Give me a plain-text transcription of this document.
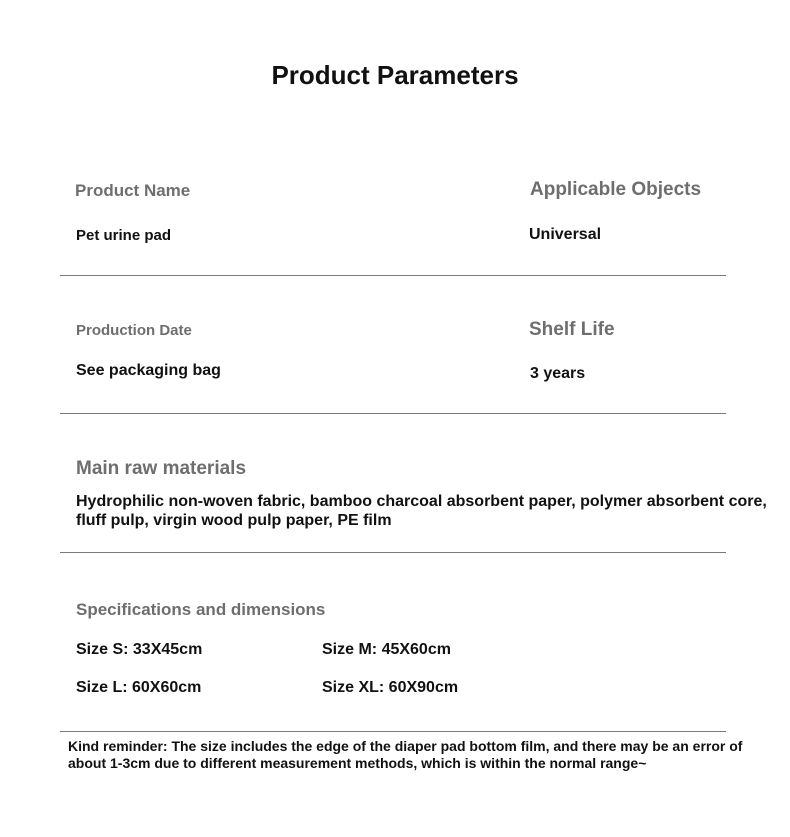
Product Parameters
Product Name
Pet urine pad
Applicable Objects
Universal
Production Date
See packaging bag
Shelf Life
3 years
Main raw materials
Hydrophilic non-woven fabric, bamboo charcoal absorbent paper, polymer absorbent core, fluff pulp, virgin wood pulp paper, PE film
Specifications and dimensions
Size S: 33X45cm	Size M: 45X60cm
Size L: 60X60cm	Size XL: 60X90cm
Kind reminder: The size includes the edge of the diaper pad bottom film, and there may be an error of about 1-3cm due to different measurement methods, which is within the normal range~
